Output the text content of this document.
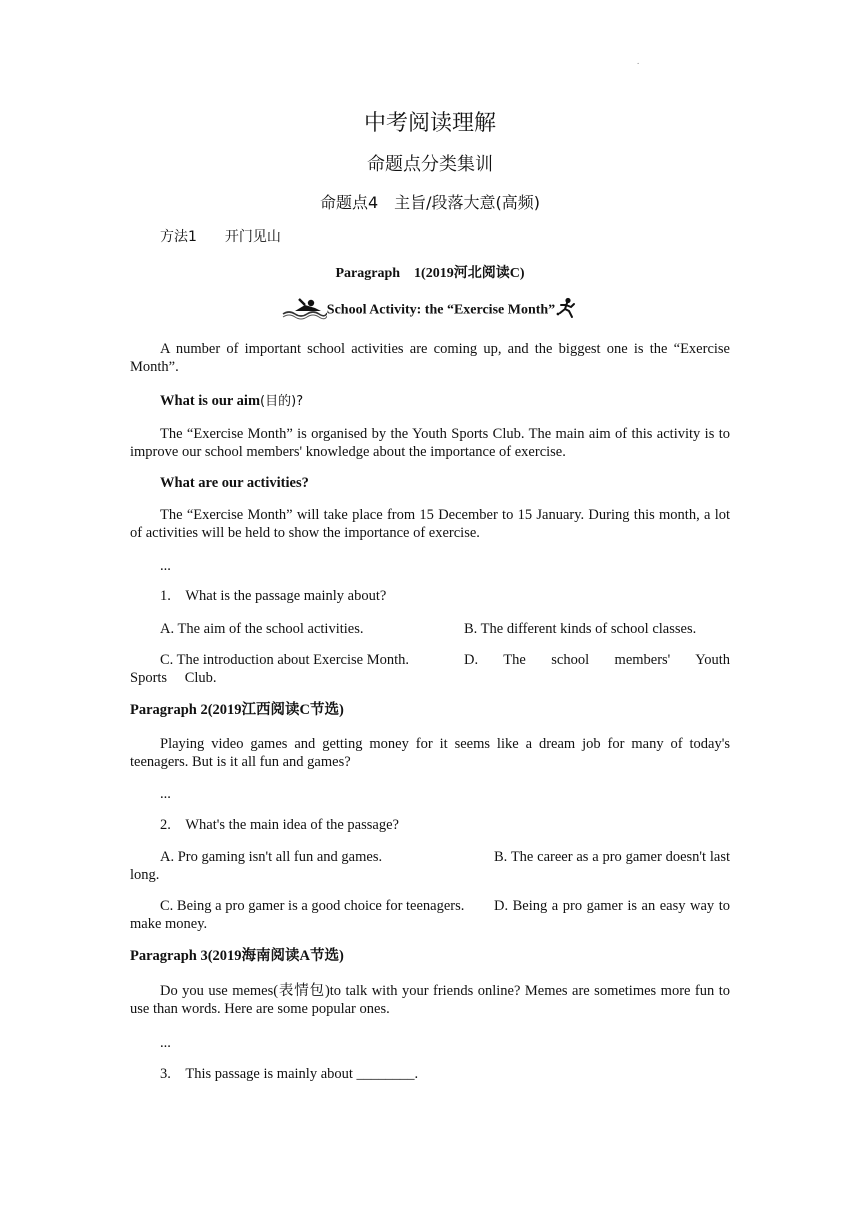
.
中考阅读理解
命题点分类集训
命题点4　主旨/段落大意(高频)
方法1　　开门见山
Paragraph　1(2019河北阅读C)
School Activity: the “Exercise Month”
A number of important school activities are coming up, and the biggest one is the “Exercise Month”.
What is our aim(目的)?
The “Exercise Month” is organised by the Youth Sports Club. The main aim of this activity is to improve our school members' knowledge about the importance of exercise.
What are our activities?
The “Exercise Month” will take place from 15 December to 15 January. During this month, a lot of activities will be held to show the importance of exercise.
...
1.　What is the passage mainly about?
A. The aim of the school activities.	B. The different kinds of school classes.
C. The introduction about Exercise Month.	D. The school members' Youth Sports Club.
Paragraph 2(2019江西阅读C节选)
Playing video games and getting money for it seems like a dream job for many of today's teenagers. But is it all fun and games?
...
2.　What's the main idea of the passage?
A. Pro gaming isn't all fun and games.	B. The career as a pro gamer doesn't last long.
C. Being a pro gamer is a good choice for teenagers.	D. Being a pro gamer is an easy way to make money.
Paragraph 3(2019海南阅读A节选)
Do you use memes(表情包)to talk with your friends online? Memes are sometimes more fun to use than words. Here are some popular ones.
...
3.　This passage is mainly about ________.
